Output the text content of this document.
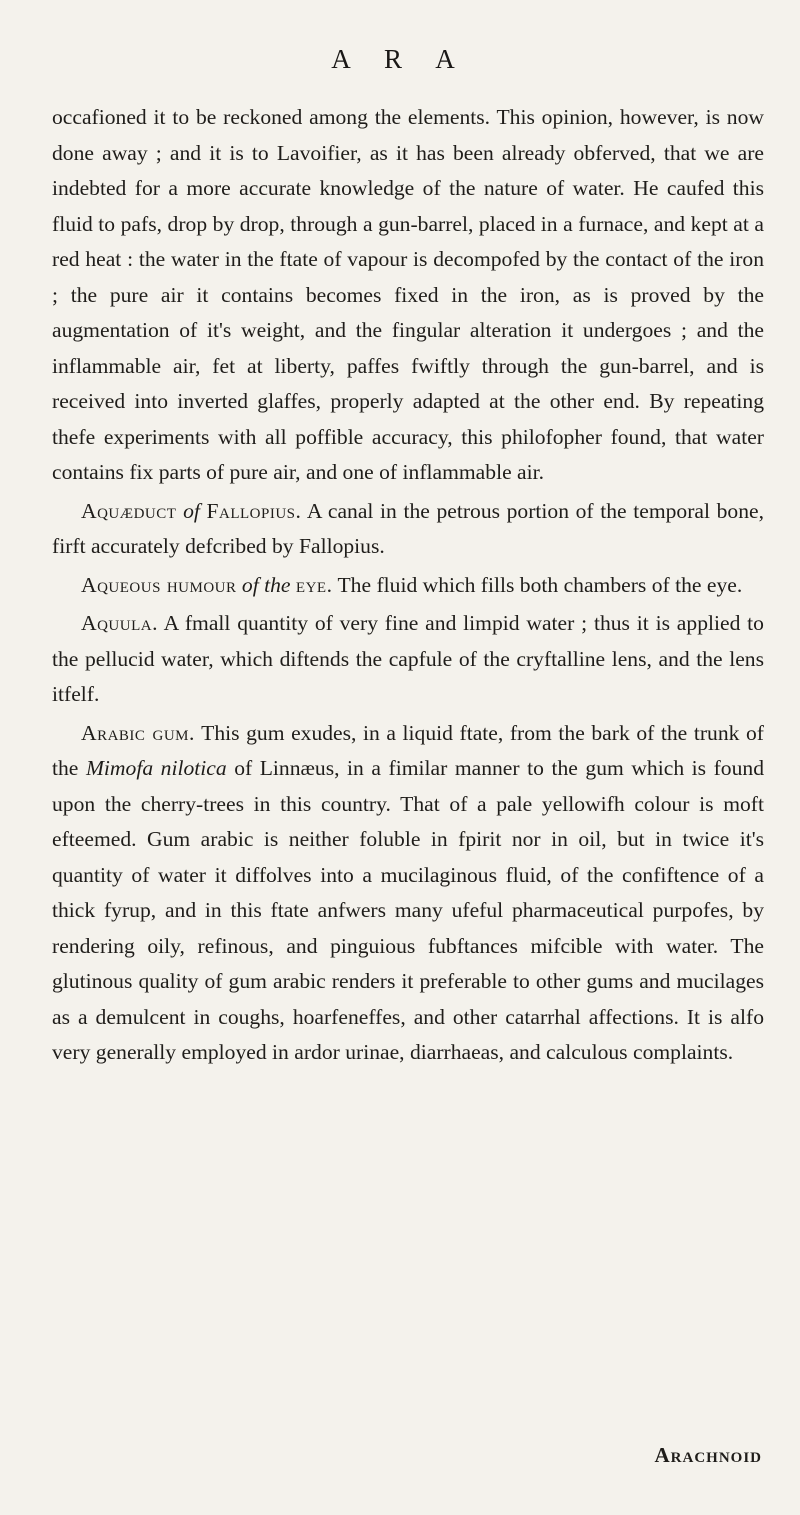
A R A

occafioned it to be reckoned among the elements. This opinion, however, is now done away ; and it is to Lavoifier, as it has been already obferved, that we are indebted for a more accurate knowledge of the nature of water. He caufed this fluid to pafs, drop by drop, through a gun-barrel, placed in a furnace, and kept at a red heat : the water in the ftate of vapour is decompofed by the contact of the iron ; the pure air it contains becomes fixed in the iron, as is proved by the augmentation of it's weight, and the fingular alteration it undergoes ; and the inflammable air, fet at liberty, paffes fwiftly through the gun-barrel, and is received into inverted glaffes, properly adapted at the other end. By repeating thefe experiments with all poffible accuracy, this philofopher found, that water contains fix parts of pure air, and one of inflammable air.

Aquæduct of Fallopius. A canal in the petrous portion of the temporal bone, firft accurately defcribed by Fallopius.

Aqueous humour of the eye. The fluid which fills both chambers of the eye.

Aquula. A fmall quantity of very fine and limpid water ; thus it is applied to the pellucid water, which diftends the capfule of the cryftalline lens, and the lens itfelf.

Arabic gum. This gum exudes, in a liquid ftate, from the bark of the trunk of the Mimofa nilotica of Linnæus, in a fimilar manner to the gum which is found upon the cherry-trees in this country. That of a pale yellowifh colour is moft efteemed. Gum arabic is neither foluble in fpirit nor in oil, but in twice it's quantity of water it diffolves into a mucilaginous fluid, of the confiftence of a thick fyrup, and in this ftate anfwers many ufeful pharmaceutical purpofes, by rendering oily, refinous, and pinguious fubftances mifcible with water. The glutinous quality of gum arabic renders it preferable to other gums and mucilages as a demulcent in coughs, hoarfeneffes, and other catarrhal affections. It is alfo very generally employed in ardor urinae, diarrhaeas, and calculous complaints.

Arachnoid
